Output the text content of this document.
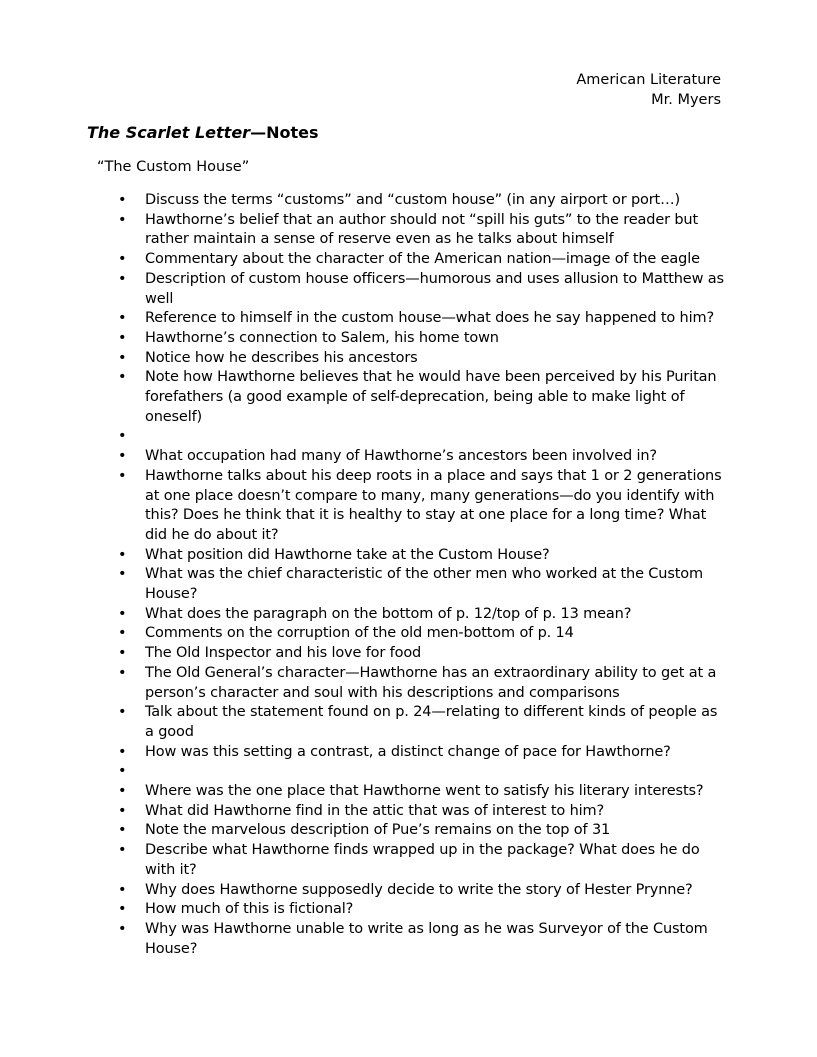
American Literature
Mr. Myers
The Scarlet Letter—Notes
“The Custom House”
• Discuss the terms “customs” and “custom house” (in any airport or port…)
• Hawthorne’s belief that an author should not “spill his guts” to the reader but rather maintain a sense of reserve even as he talks about himself
• Commentary about the character of the American nation—image of the eagle
• Description of custom house officers—humorous and uses allusion to Matthew as well
• Reference to himself in the custom house—what does he say happened to him?
• Hawthorne’s connection to Salem, his home town
• Notice how he describes his ancestors
• Note how Hawthorne believes that he would have been perceived by his Puritan forefathers (a good example of self-deprecation, being able to make light of oneself)
•
• What occupation had many of Hawthorne’s ancestors been involved in?
• Hawthorne talks about his deep roots in a place and says that 1 or 2 generations at one place doesn’t compare to many, many generations—do you identify with this? Does he think that it is healthy to stay at one place for a long time? What did he do about it?
• What position did Hawthorne take at the Custom House?
• What was the chief characteristic of the other men who worked at the Custom House?
• What does the paragraph on the bottom of p. 12/top of p. 13 mean?
• Comments on the corruption of the old men-bottom of p. 14
• The Old Inspector and his love for food
• The Old General’s character—Hawthorne has an extraordinary ability to get at a person’s character and soul with his descriptions and comparisons
• Talk about the statement found on p. 24—relating to different kinds of people as a good
• How was this setting a contrast, a distinct change of pace for Hawthorne?
•
• Where was the one place that Hawthorne went to satisfy his literary interests?
• What did Hawthorne find in the attic that was of interest to him?
• Note the marvelous description of Pue’s remains on the top of 31
• Describe what Hawthorne finds wrapped up in the package? What does he do with it?
• Why does Hawthorne supposedly decide to write the story of Hester Prynne?
• How much of this is fictional?
• Why was Hawthorne unable to write as long as he was Surveyor of the Custom House?
